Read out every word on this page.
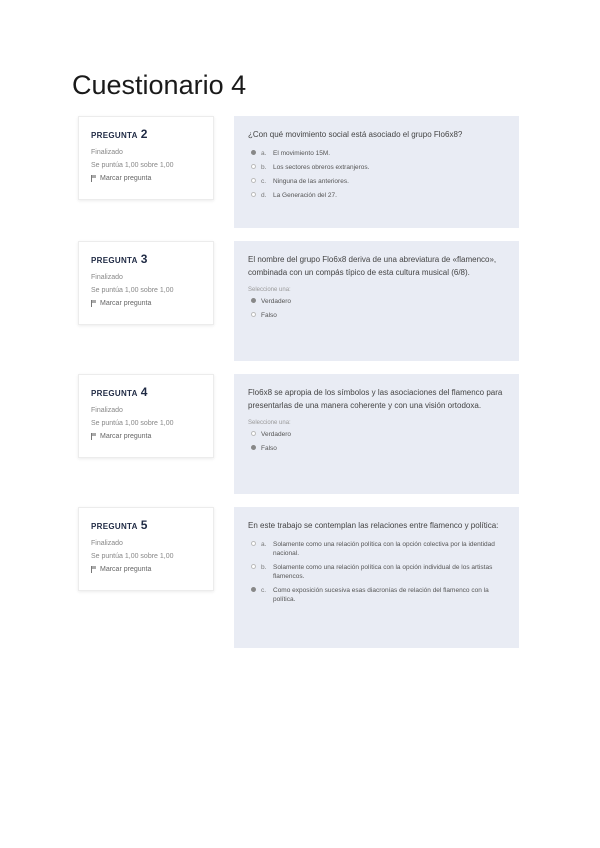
Cuestionario 4
PREGUNTA 2
Finalizado
Se puntúa 1,00 sobre 1,00
Marcar pregunta

¿Con qué movimiento social está asociado el grupo Flo6x8?

a.	El movimiento 15M.
b.	Los sectores obreros extranjeros.
c.	Ninguna de las anteriores.
d.	La Generación del 27.
PREGUNTA 3
Finalizado
Se puntúa 1,00 sobre 1,00
Marcar pregunta

El nombre del grupo Flo6x8 deriva de una abreviatura de «flamenco», combinada con un compás típico de esta cultura musical (6/8).

Seleccione una:
Verdadero
Falso
PREGUNTA 4
Finalizado
Se puntúa 1,00 sobre 1,00
Marcar pregunta

Flo6x8 se apropia de los símbolos y las asociaciones del flamenco para presentarlas de una manera coherente y con una visión ortodoxa.

Seleccione una:
Verdadero
Falso
PREGUNTA 5
Finalizado
Se puntúa 1,00 sobre 1,00
Marcar pregunta

En este trabajo se contemplan las relaciones entre flamenco y política:

a.	Solamente como una relación política con la opción colectiva por la identidad nacional.
b.	Solamente como una relación política con la opción individual de los artistas flamencos.
c.	Como exposición sucesiva esas diacronías de relación del flamenco con la política.
